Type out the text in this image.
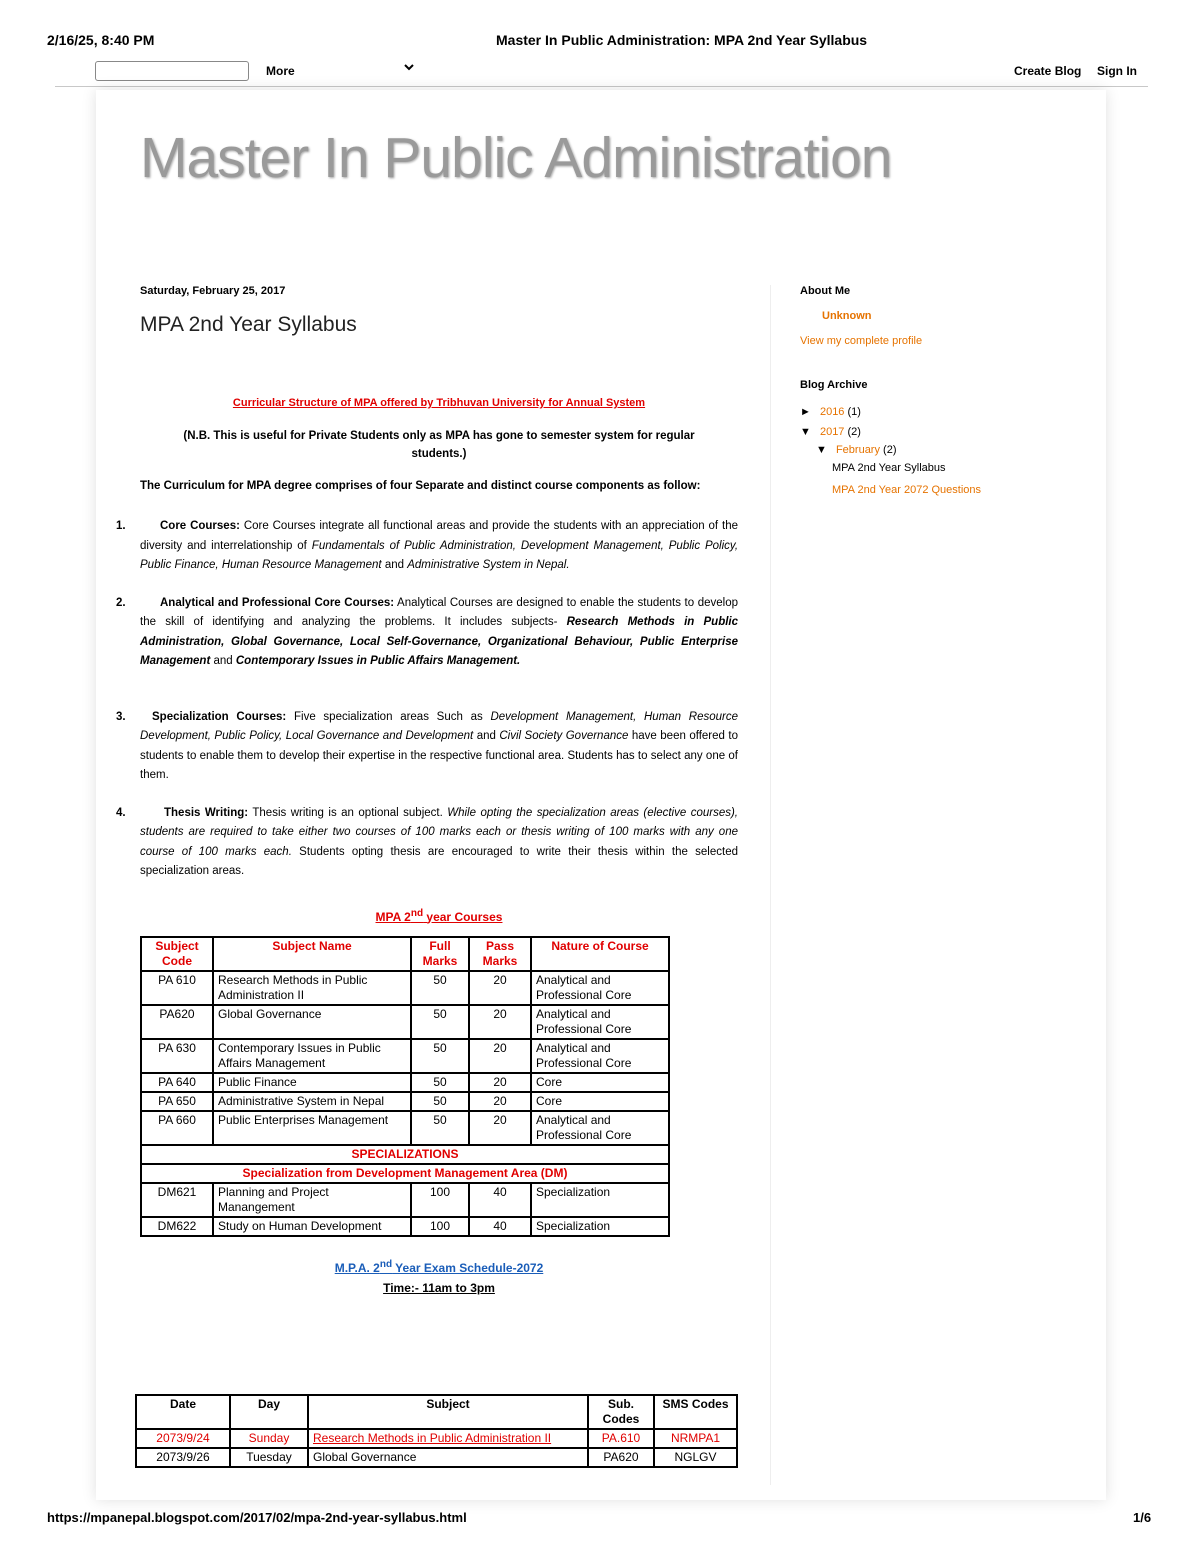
2/16/25, 8:40 PM	Master In Public Administration: MPA 2nd Year Syllabus
More	Create Blog Sign In
Master In Public Administration
Saturday, February 25, 2017
MPA 2nd Year Syllabus

Curricular Structure of MPA offered by Tribhuvan University for Annual System

(N.B. This is useful for Private Students only as MPA has gone to semester system for regular students.)

The Curriculum for MPA degree comprises of four Separate and distinct course components as follow:

1.	Core Courses: Core Courses integrate all functional areas and provide the students with an appreciation of the diversity and interrelationship of Fundamentals of Public Administration, Development Management, Public Policy, Public Finance, Human Resource Management and Administrative System in Nepal.
2.	Analytical and Professional Core Courses: Analytical Courses are designed to enable the students to develop the skill of identifying and analyzing the problems. It includes subjects- Research Methods in Public Administration, Global Governance, Local Self-Governance, Organizational Behaviour, Public Enterprise Management and Contemporary Issues in Public Affairs Management.
3. Specialization Courses: Five specialization areas Such as Development Management, Human Resource Development, Public Policy, Local Governance and Development and Civil Society Governance have been offered to students to enable them to develop their expertise in the respective functional area. Students has to select any one of them.
4.	Thesis Writing: Thesis writing is an optional subject. While opting the specialization areas (elective courses), students are required to take either two courses of 100 marks each or thesis writing of 100 marks with any one course of 100 marks each. Students opting thesis are encouraged to write their thesis within the selected specialization areas.

MPA 2nd year Courses

Subject Code	Subject Name	Full Marks	Pass Marks	Nature of Course
PA 610	Research Methods in Public Administration II	50	20	Analytical and Professional Core
PA620	Global Governance	50	20	Analytical and Professional Core
PA 630	Contemporary Issues in Public Affairs Management	50	20	Analytical and Professional Core
PA 640	Public Finance	50	20	Core
PA 650	Administrative System in Nepal	50	20	Core
PA 660	Public Enterprises Management	50	20	Analytical and Professional Core
SPECIALIZATIONS				
Specialization from Development Management Area (DM)				
DM621	Planning and Project Manangement	100	40	Specialization
DM622	Study on Human Development	100	40	Specialization

M.P.A. 2nd Year Exam Schedule-2072

Time:- 11am to 3pm

Date	Day	Subject	Sub. Codes	SMS Codes
2073/9/24	Sunday	Research Methods in Public Administration II	PA.610	NRMPA1
2073/9/26	Tuesday	Global Governance	PA620	NGLGV
About Me
Unknown
View my complete profile
Blog Archive
► 2016 (1)
▼ 2017 (2)
▼ February (2)
MPA 2nd Year Syllabus
MPA 2nd Year 2072 Questions
https://mpanepal.blogspot.com/2017/02/mpa-2nd-year-syllabus.html	1/6
